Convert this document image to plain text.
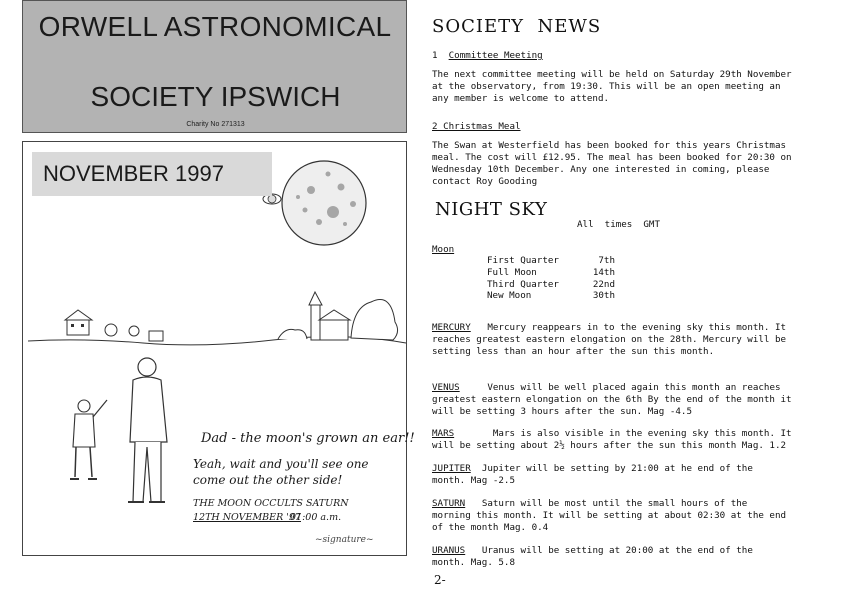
ORWELL ASTRONOMICAL
SOCIETY IPSWICH
Charity No 271313
NOVEMBER 1997
Dad - the moon's grown an ear!!
Yeah, wait and you'll see one
come out the other side!
THE MOON OCCULTS SATURN
12TH NOVEMBER '97
01:00 a.m.
~signature~
SOCIETY  NEWS
1 Committee Meeting
The next committee meeting will be held on Saturday 29th November
at the observatory, from 19:30. This will be an open meeting an
any member is welcome to attend.
2 Christmas Meal
The Swan at Westerfield has been booked for this years Christmas
meal. The cost will £12.95. The meal has been booked for 20:30 on
Wednesday 10th December. Any one interested in coming, please
contact Roy Gooding
NIGHT SKY
All  times  GMT
Moon
First Quarter	7th
Full Moon	14th
Third Quarter	22nd
New Moon	30th
MERCURY Mercury reappears in to the evening sky this month. It
reaches greatest eastern elongation on the 28th. Mercury will be
setting less than an hour after the sun this month.
VENUS	Venus will be well placed again this month an reaches
greatest eastern elongation on the 6th By the end of the month it
will be setting 3 hours after the sun. Mag -4.5
MARS	Mars is also visible in the evening sky this month. It
will be setting about 2½ hours after the sun this month Mag. 1.2
JUPITER Jupiter will be setting by 21:00 at he end of the
month. Mag -2.5
SATURN Saturn will be most until the small hours of the
morning this month. It will be setting at about 02:30 at the end
of the month Mag. 0.4
URANUS Uranus will be setting at 20:00 at the end of the
month. Mag. 5.8
2-
